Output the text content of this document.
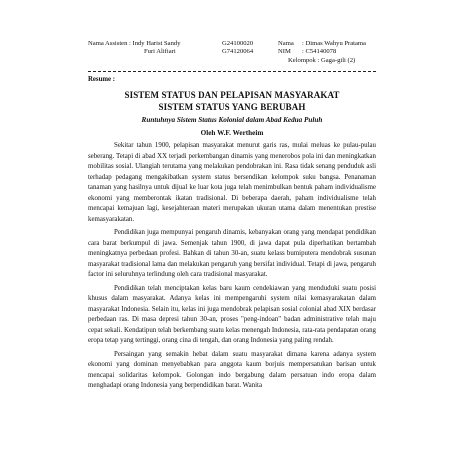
Nama Assisten : Indy Harist Sandy
Furi Alifiari
G24100020
G74120064
Nama : Dimas Wahyu Pratama
NIM : C54140078
Kelompok : Gaga-gili (2)
Resume :
SISTEM STATUS DAN PELAPISAN MASYARAKAT
SISTEM STATUS YANG BERUBAH
Runtuhnya Sistem Status Kolonial dalam Abad Kedua Puluh
Oleh W.F. Wertheim

Sekitar tahun 1900, pelapisan masyarakat menurut garis ras, mulai meluas ke pulau-pulau seberang. Tetapi di abad XX terjadi perkembangan dinamis yang menerobos pola ini dan meningkatkan mobilitas sosial. Ulangiah terutama yang melakukan pendobrakan ini. Rasa tidak senang penduduk asli terhadap pedagang mengakibatkan system status bersendikan kelompok suku bangsa. Penanaman tanaman yang hasilnya untuk dijual ke luar kota juga telah menimbulkan bentuk paham individualisme ekonomi yang memberontak ikatan tradisional. Di beberapa daerah, paham individualisme telah mencapai kemajuan lagi, kesejahteraan materi merupakan ukuran utama dalam menentukan prestise kemasyarakatan.

Pendidikan juga mempunyai pengaruh dinamis, kebanyakan orang yang mendapat pendidikan cara barat berkumpul di jawa. Semenjak tahun 1900, di jawa dapat pula diperhatikan bertambah meningkatnya perbedaan profesi. Bahkan di tahun 30-an, suatu kelass bumiputera mendobrak susunan masyarakat tradisional lama dan melakukan pengaruh yang bersifat individual. Tetapi di jawa, pengaruh factor ini seluruhnya terlindung oleh cara tradisional masyarakat.

Pendidikan telah menciptakan kelas baru kaum cendekiawan yang menduduki suatu posisi khusus dalam masyarakat. Adanya kelas ini mempengaruhi system nilai kemasyarakatan dalam masyarakat Indonesia. Selain itu, kelas ini juga mendobrak pelapisan sosial colonial abad XIX berdasar perbedaan ras. Di masa depresi tahun 30-an, proses "peng-indoan" badan administrative telah maju cepat sekali. Kendatipun telah berkembang suatu kelas menengah Indonesia, rata-rata pendapatan orang eropa tetap yang tertinggi, orang cina di tengah, dan orang Indonesia yang paling rendah.

Persaingan yang semakin hebat dalam suatu masyarakat dimana karena adanya system ekonomi yang dominan menyebabkan para anggota kaum borjuis mempersatukan barisan untuk mencapai solidaritas kelompok. Golongan indo bergabung dalam persatuan indo eropa dalam menghadapi orang Indonesia yang berpendidikan barat. Wanita
